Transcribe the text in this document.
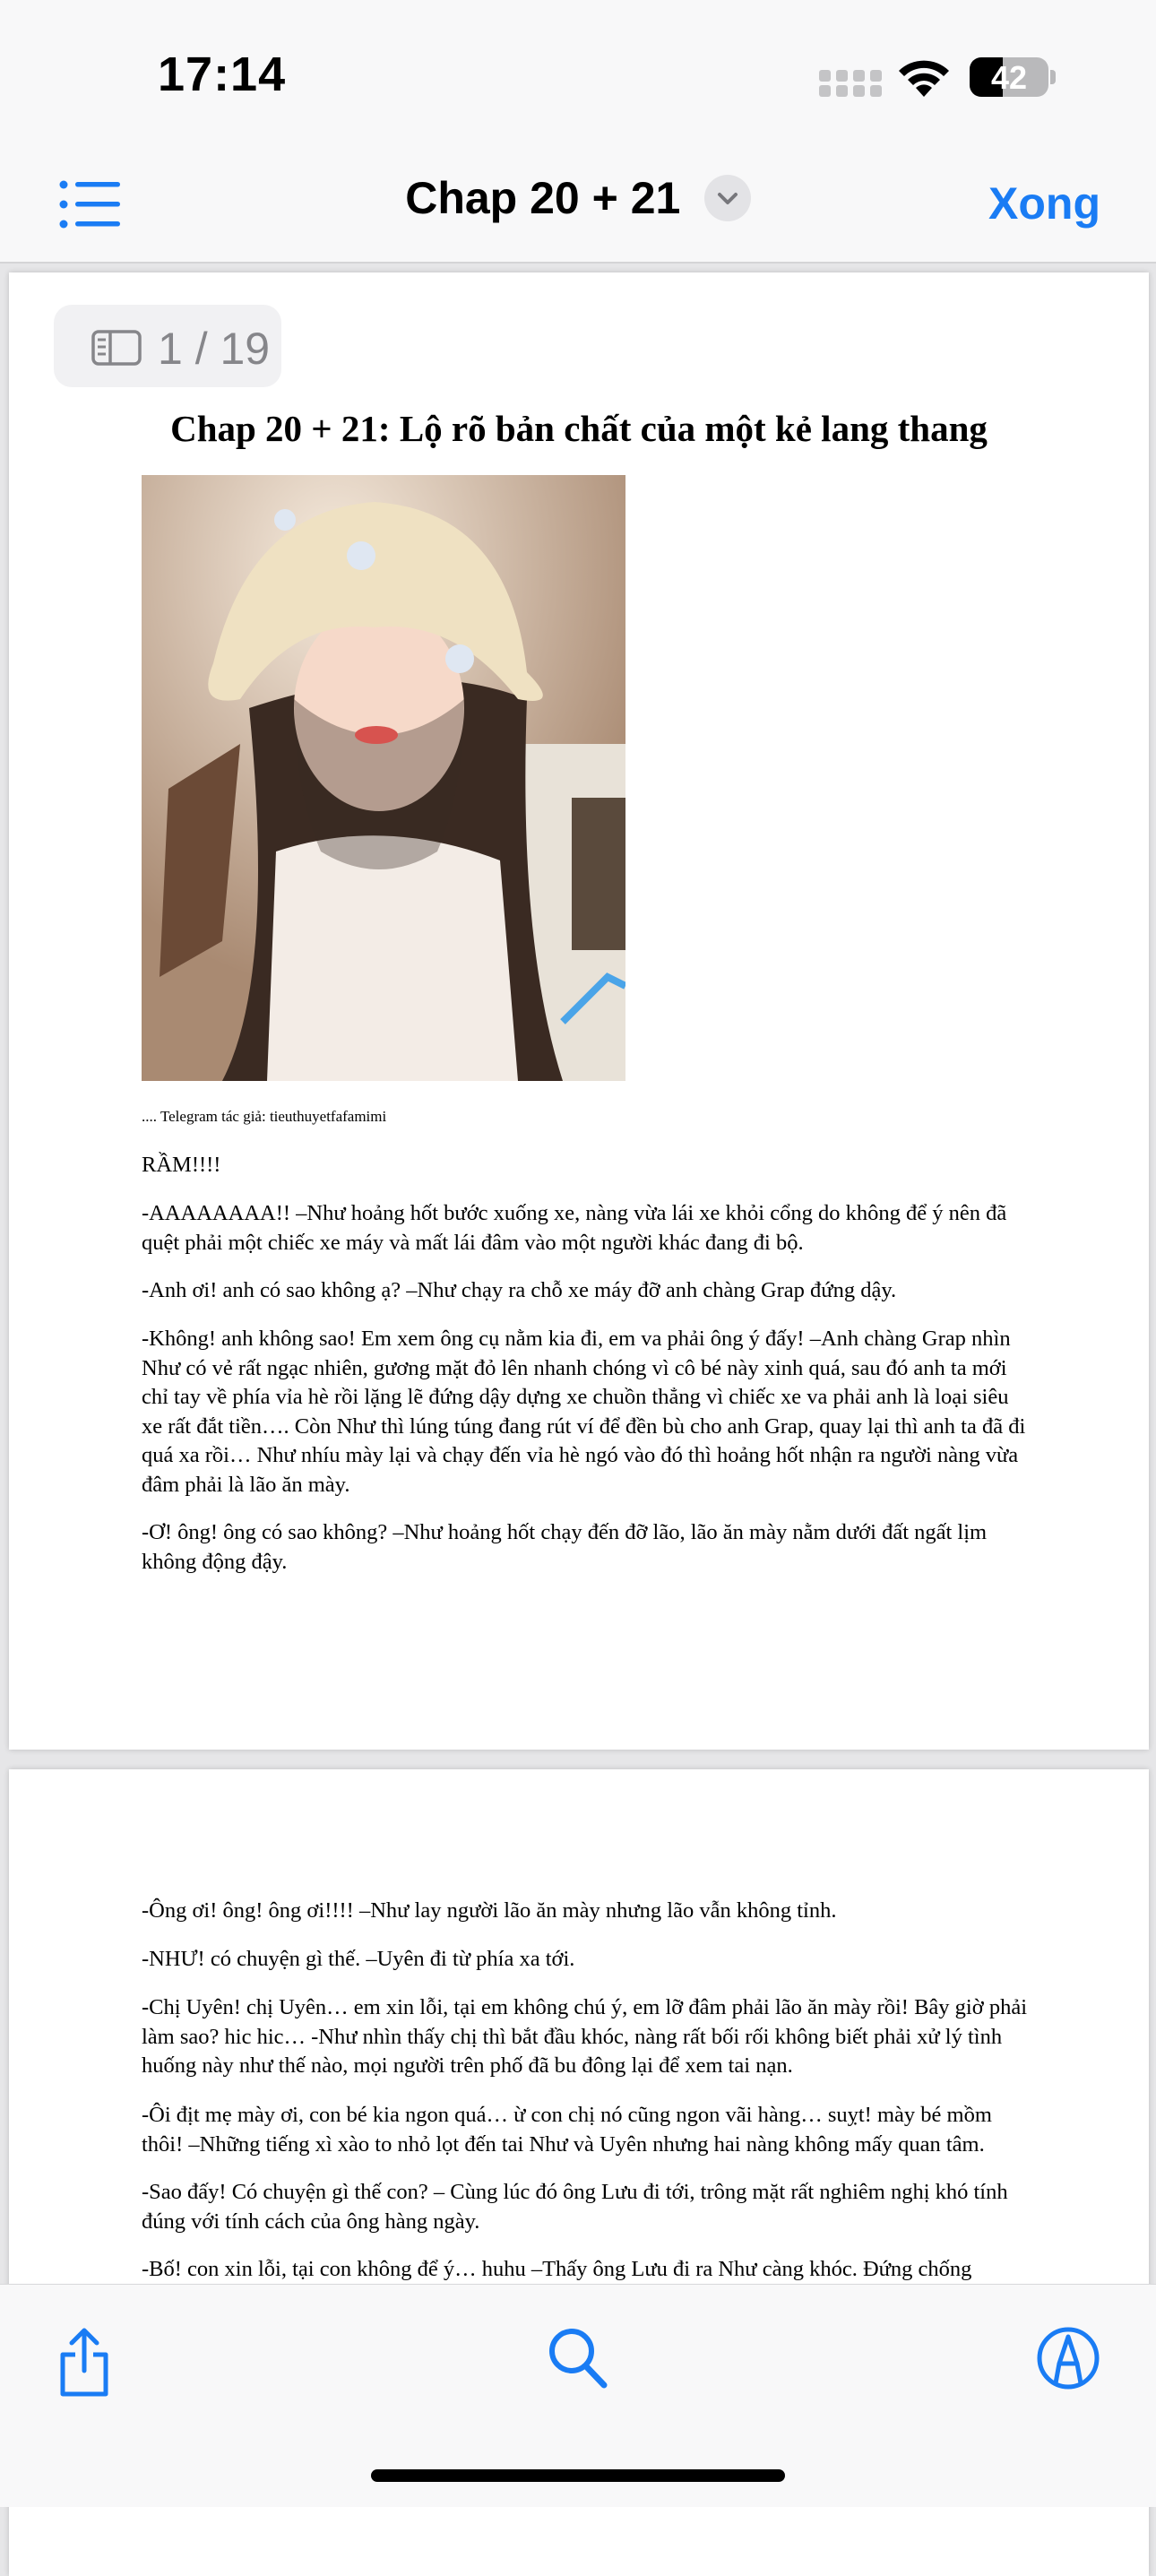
17:14	42
Chap 20 + 21	Xong
1 / 19
Chap 20 + 21: Lộ rõ bản chất của một kẻ lang thang
.... Telegram tác giả: tieuthuyetfafamimi

RẦM!!!!

-AAAAAAAA!! –Như hoảng hốt bước xuống xe, nàng vừa lái xe khỏi cổng do không để ý nên đã quệt phải một chiếc xe máy và mất lái đâm vào một người khác đang đi bộ.

-Anh ơi! anh có sao không ạ? –Như chạy ra chỗ xe máy đỡ anh chàng Grap đứng dậy.

-Không! anh không sao! Em xem ông cụ nằm kia đi, em va phải ông ý đấy! –Anh chàng Grap nhìn Như có vẻ rất ngạc nhiên, gương mặt đỏ lên nhanh chóng vì cô bé này xinh quá, sau đó anh ta mới chỉ tay về phía vỉa hè rồi lặng lẽ đứng dậy dựng xe chuồn thẳng vì chiếc xe va phải anh là loại siêu xe rất đắt tiền…. Còn Như thì lúng túng đang rút ví để đền bù cho anh Grap, quay lại thì anh ta đã đi quá xa rồi… Như nhíu mày lại và chạy đến vỉa hè ngó vào đó thì hoảng hốt nhận ra người nàng vừa đâm phải là lão ăn mày.

-Ơ! ông! ông có sao không? –Như hoảng hốt chạy đến đỡ lão, lão ăn mày nằm dưới đất ngất lịm không động đậy.

-Ông ơi! ông! ông ơi!!!! –Như lay người lão ăn mày nhưng lão vẫn không tỉnh.

-NHƯ! có chuyện gì thế. –Uyên đi từ phía xa tới.

-Chị Uyên! chị Uyên… em xin lỗi, tại em không chú ý, em lỡ đâm phải lão ăn mày rồi! Bây giờ phải làm sao? hic hic… -Như nhìn thấy chị thì bắt đầu khóc, nàng rất bối rối không biết phải xử lý tình huống này như thế nào, mọi người trên phố đã bu đông lại để xem tai nạn.

-Ôi địt mẹ mày ơi, con bé kia ngon quá… ừ con chị nó cũng ngon vãi hàng… suỵt! mày bé mồm thôi! –Những tiếng xì xào to nhỏ lọt đến tai Như và Uyên nhưng hai nàng không mấy quan tâm.

-Sao đấy! Có chuyện gì thế con? – Cùng lúc đó ông Lưu đi tới, trông mặt rất nghiêm nghị khó tính đúng với tính cách của ông hàng ngày.

-Bố! con xin lỗi, tại con không để ý… huhu –Thấy ông Lưu đi ra Như càng khóc. Đứng chống
